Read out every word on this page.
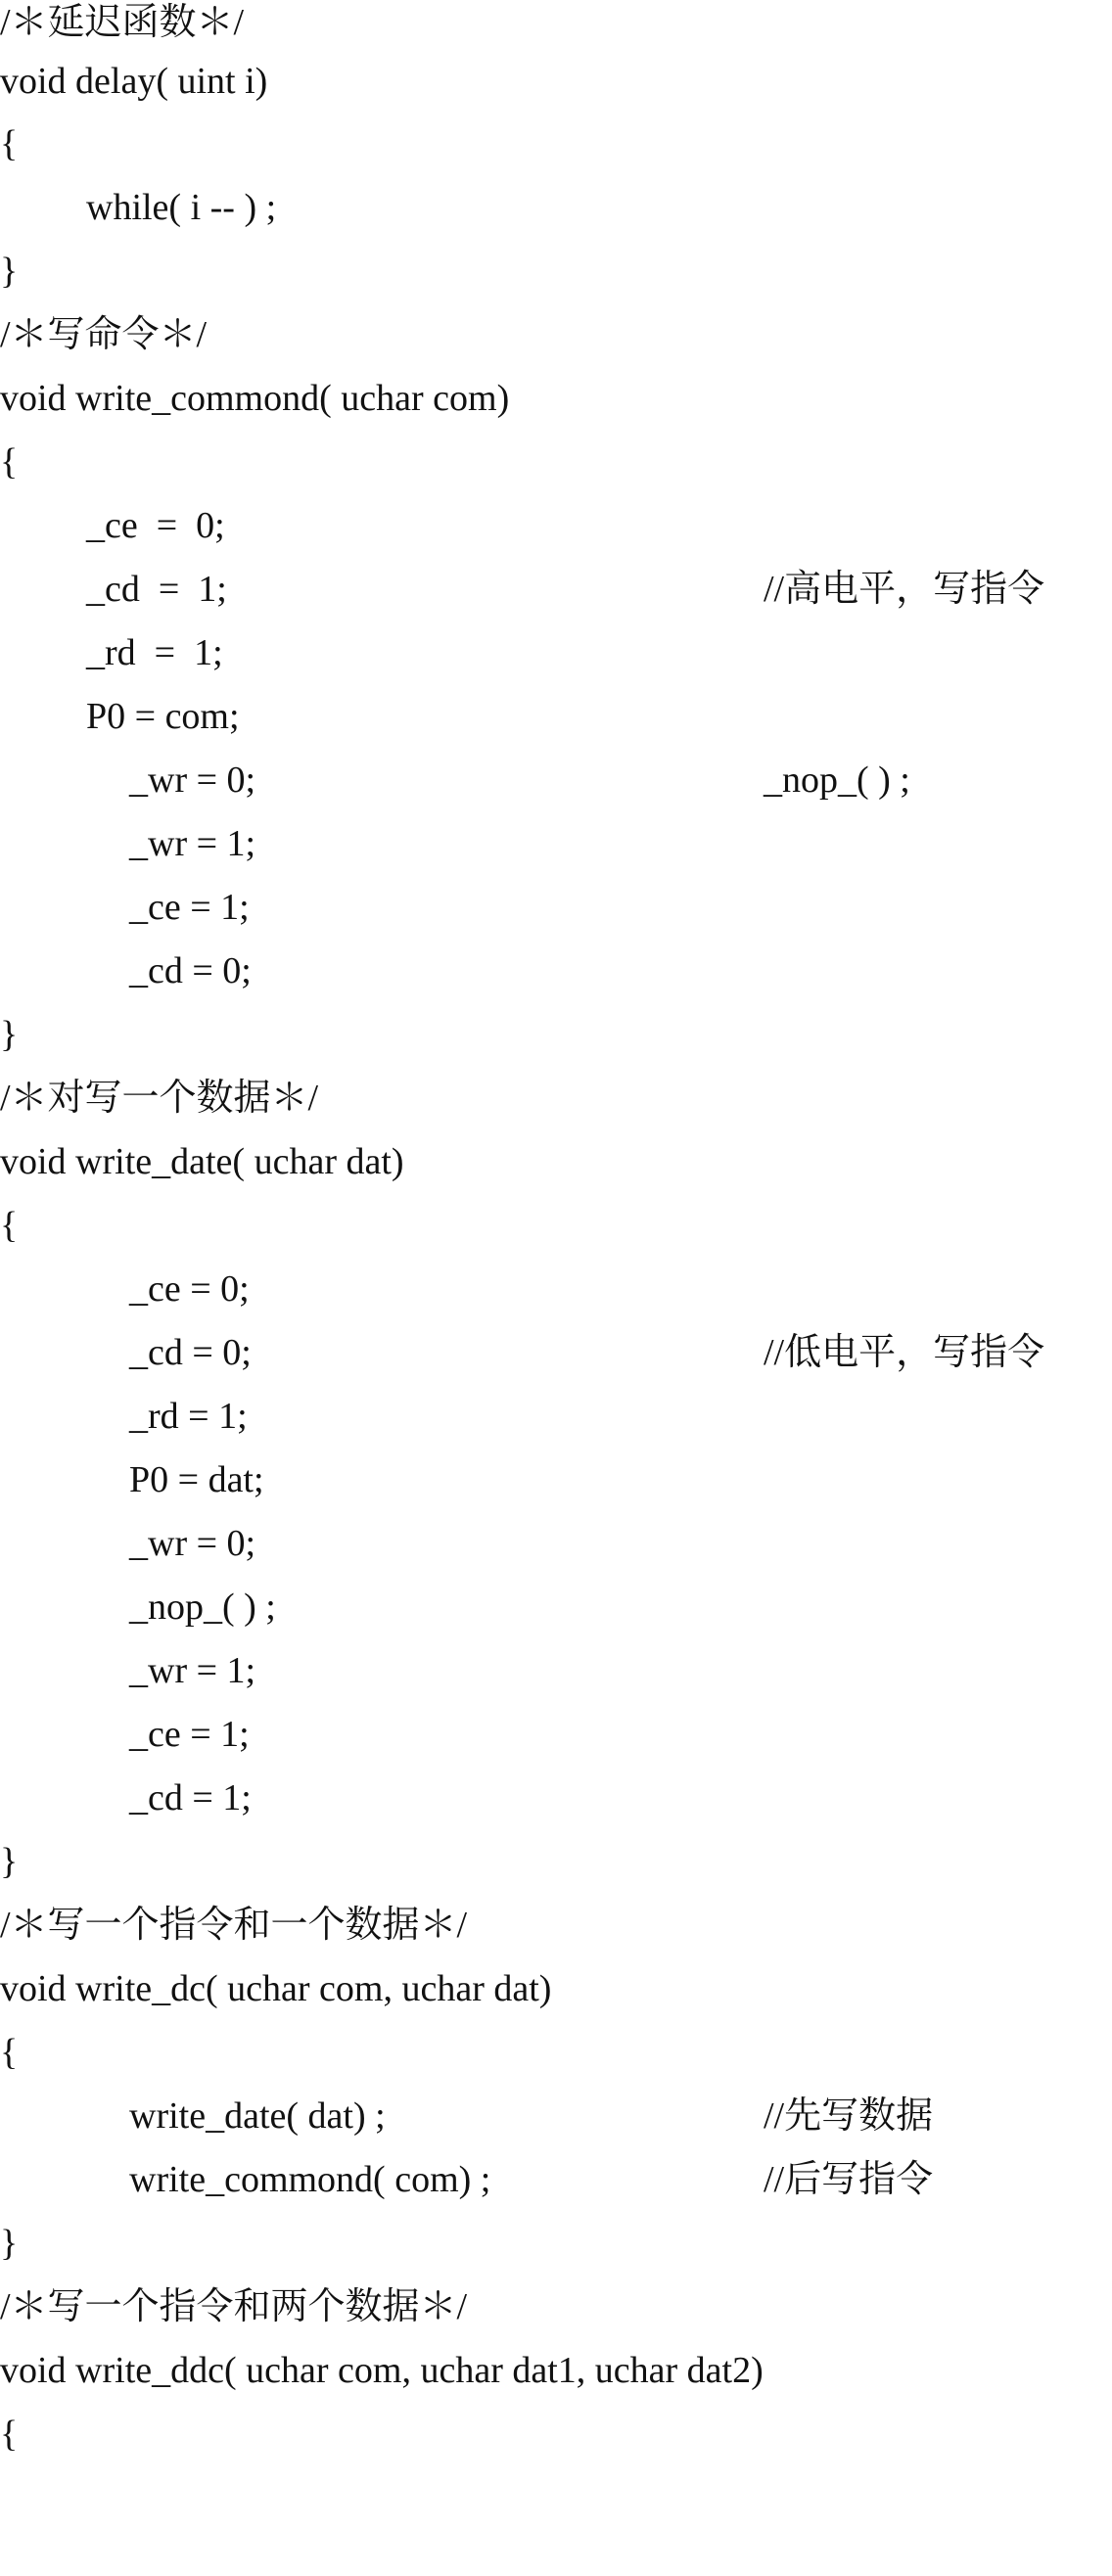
/＊延迟函数＊/

void delay( uint i)

{

while( i -- ) ;

}

/＊写命令＊/

void write_commond( uchar com)

{

_ce  =  0;

_cd  =  1;

	//高电平，写指令

_rd  =  1;

P0 = com;

_wr = 0;

	_nop_( ) ;

_wr = 1;

_ce = 1;

_cd = 0;

}

/＊对写一个数据＊/

void write_date( uchar dat)

{

_ce = 0;

_cd = 0;

	//低电平，写指令

_rd = 1;

P0 = dat;

_wr = 0;

_nop_( ) ;

_wr = 1;

_ce = 1;

_cd = 1;

}

/＊写一个指令和一个数据＊/

void write_dc( uchar com, uchar dat)

{

write_date( dat) ;

	//先写数据

write_commond( com) ;

	//后写指令

}

/＊写一个指令和两个数据＊/

void write_ddc( uchar com, uchar dat1, uchar dat2)

{
